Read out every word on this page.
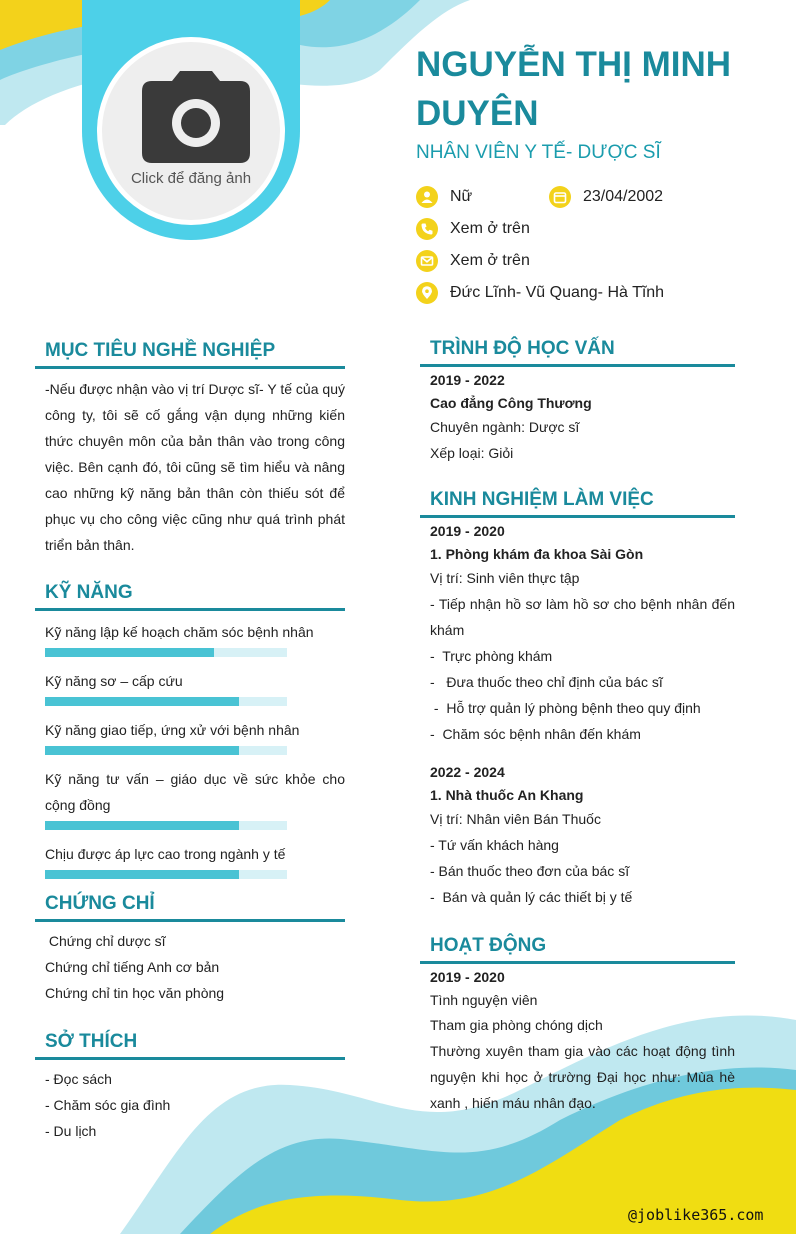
Click để đăng ảnh
NGUYỄN THỊ MINH DUYÊN
NHÂN VIÊN Y TẾ- DƯỢC SĨ
Nữ	23/04/2002
Xem ở trên
Xem ở trên
Đức Lĩnh- Vũ Quang- Hà Tĩnh
MỤC TIÊU NGHỀ NGHIỆP
-Nếu được nhận vào vị trí Dược sĩ- Y tế của quý công ty, tôi sẽ cố gắng vận dụng những kiến thức chuyên môn của bản thân vào trong công việc. Bên cạnh đó, tôi cũng sẽ tìm hiểu và nâng cao những kỹ năng bản thân còn thiếu sót để phục vụ cho công việc cũng như quá trình phát triển bản thân.
KỸ NĂNG
Kỹ năng lập kế hoạch chăm sóc bệnh nhân
Kỹ năng sơ – cấp cứu
Kỹ năng giao tiếp, ứng xử với bệnh nhân
Kỹ năng tư vấn – giáo dục về sức khỏe cho cộng đồng
Chịu được áp lực cao trong ngành y tế
CHỨNG CHỈ
Chứng chỉ dược sĩ
Chứng chỉ tiếng Anh cơ bản
Chứng chỉ tin học văn phòng
SỞ THÍCH
- Đọc sách
- Chăm sóc gia đình
- Du lịch
TRÌNH ĐỘ HỌC VẤN
2019 - 2022
Cao đẳng Công Thương
Chuyên ngành: Dược sĩ
Xếp loại: Giỏi
KINH NGHIỆM LÀM VIỆC
2019 - 2020
1. Phòng khám đa khoa Sài Gòn
Vị trí: Sinh viên thực tập
- Tiếp nhận hồ sơ làm hồ sơ cho bệnh nhân đến khám
-  Trực phòng khám
-   Đưa thuốc theo chỉ định của bác sĩ
-  Hỗ trợ quản lý phòng bệnh theo quy định
-  Chăm sóc bệnh nhân đến khám
2022 - 2024
1. Nhà thuốc An Khang
Vị trí: Nhân viên Bán Thuốc
- Tứ vấn khách hàng
- Bán thuốc theo đơn của bác sĩ
-  Bán và quản lý các thiết bị y tế
HOẠT ĐỘNG
2019 - 2020
Tình nguyện viên
Tham gia phòng chóng dịch
Thường xuyên tham gia vào các hoạt động tình nguyện khi học ở trường Đại học như: Mùa hè xanh , hiến máu nhân đạo.
@joblike365.com
